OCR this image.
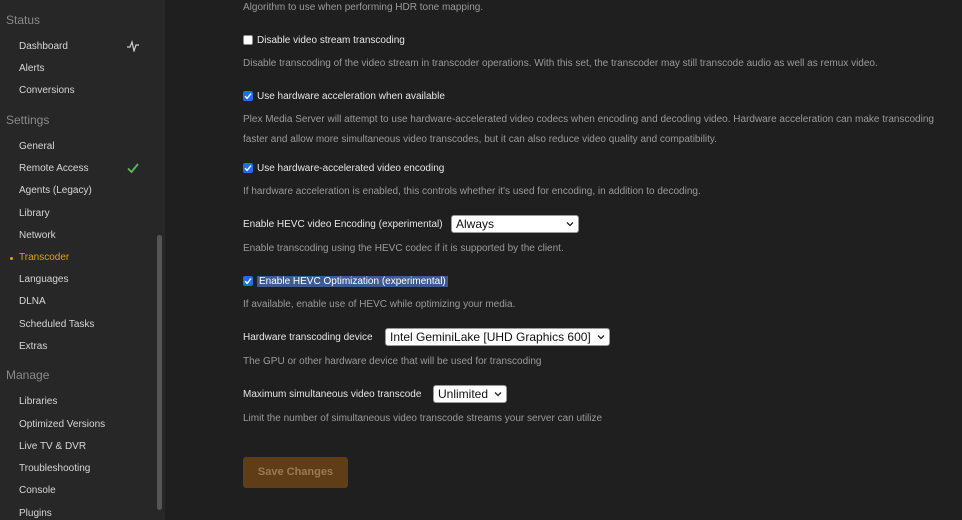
Status
Dashboard
Alerts
Conversions
Settings
General
Remote Access
Agents (Legacy)
Library
Network
Transcoder
Languages
DLNA
Scheduled Tasks
Extras
Manage
Libraries
Optimized Versions
Live TV & DVR
Troubleshooting
Console
Plugins
Algorithm to use when performing HDR tone mapping.
Disable video stream transcoding
Disable transcoding of the video stream in transcoder operations. With this set, the transcoder may still transcode audio as well as remux video.
Use hardware acceleration when available
Plex Media Server will attempt to use hardware-accelerated video codecs when encoding and decoding video. Hardware acceleration can make transcoding faster and allow more simultaneous video transcodes, but it can also reduce video quality and compatibility.
Use hardware-accelerated video encoding
If hardware acceleration is enabled, this controls whether it's used for encoding, in addition to decoding.
Enable HEVC video Encoding (experimental)	Always
Enable transcoding using the HEVC codec if it is supported by the client.
Enable HEVC Optimization (experimental)
If available, enable use of HEVC while optimizing your media.
Hardware transcoding device	Intel GeminiLake [UHD Graphics 600]
The GPU or other hardware device that will be used for transcoding
Maximum simultaneous video transcode	Unlimited
Limit the number of simultaneous video transcode streams your server can utilize
Save Changes
